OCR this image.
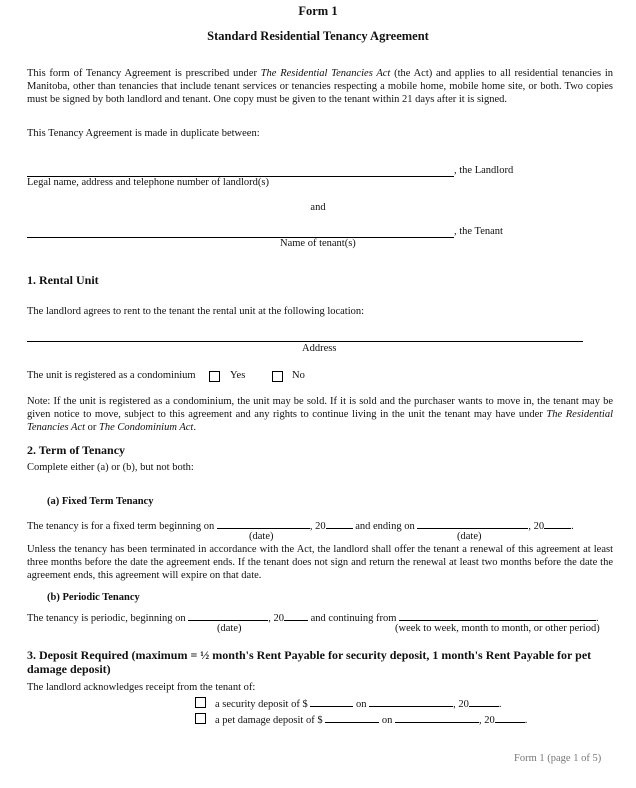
Form 1
Standard Residential Tenancy Agreement
This form of Tenancy Agreement is prescribed under The Residential Tenancies Act (the Act) and applies to all residential tenancies in Manitoba, other than tenancies that include tenant services or tenancies respecting a mobile home, mobile home site, or both. Two copies must be signed by both landlord and tenant. One copy must be given to the tenant within 21 days after it is signed.
This Tenancy Agreement is made in duplicate between:
, the Landlord
Legal name, address and telephone number of landlord(s)
and
, the Tenant
Name of tenant(s)
1. Rental Unit
The landlord agrees to rent to the tenant the rental unit at the following location:
Address
The unit is registered as a condominium	Yes	No
Note: If the unit is registered as a condominium, the unit may be sold. If it is sold and the purchaser wants to move in, the tenant may be given notice to move, subject to this agreement and any rights to continue living in the unit the tenant may have under The Residential Tenancies Act or The Condominium Act.
2. Term of Tenancy
Complete either (a) or (b), but not both:
(a) Fixed Term Tenancy
The tenancy is for a fixed term beginning on	, 20	and ending on	, 20	.
(date)	(date)
Unless the tenancy has been terminated in accordance with the Act, the landlord shall offer the tenant a renewal of this agreement at least three months before the date the agreement ends. If the tenant does not sign and return the renewal at least two months before the date the agreement ends, this agreement will expire on that date.
(b) Periodic Tenancy
The tenancy is periodic, beginning on	, 20 and continuing from	.
(date)	(week to week, month to month, or other period)
3. Deposit Required (maximum = ½ month's Rent Payable for security deposit, 1 month's Rent Payable for pet
damage deposit)
The landlord acknowledges receipt from the tenant of:
a security deposit of $	on	, 20	.
a pet damage deposit of $	on	, 20	.
Form 1 (page 1 of 5)
